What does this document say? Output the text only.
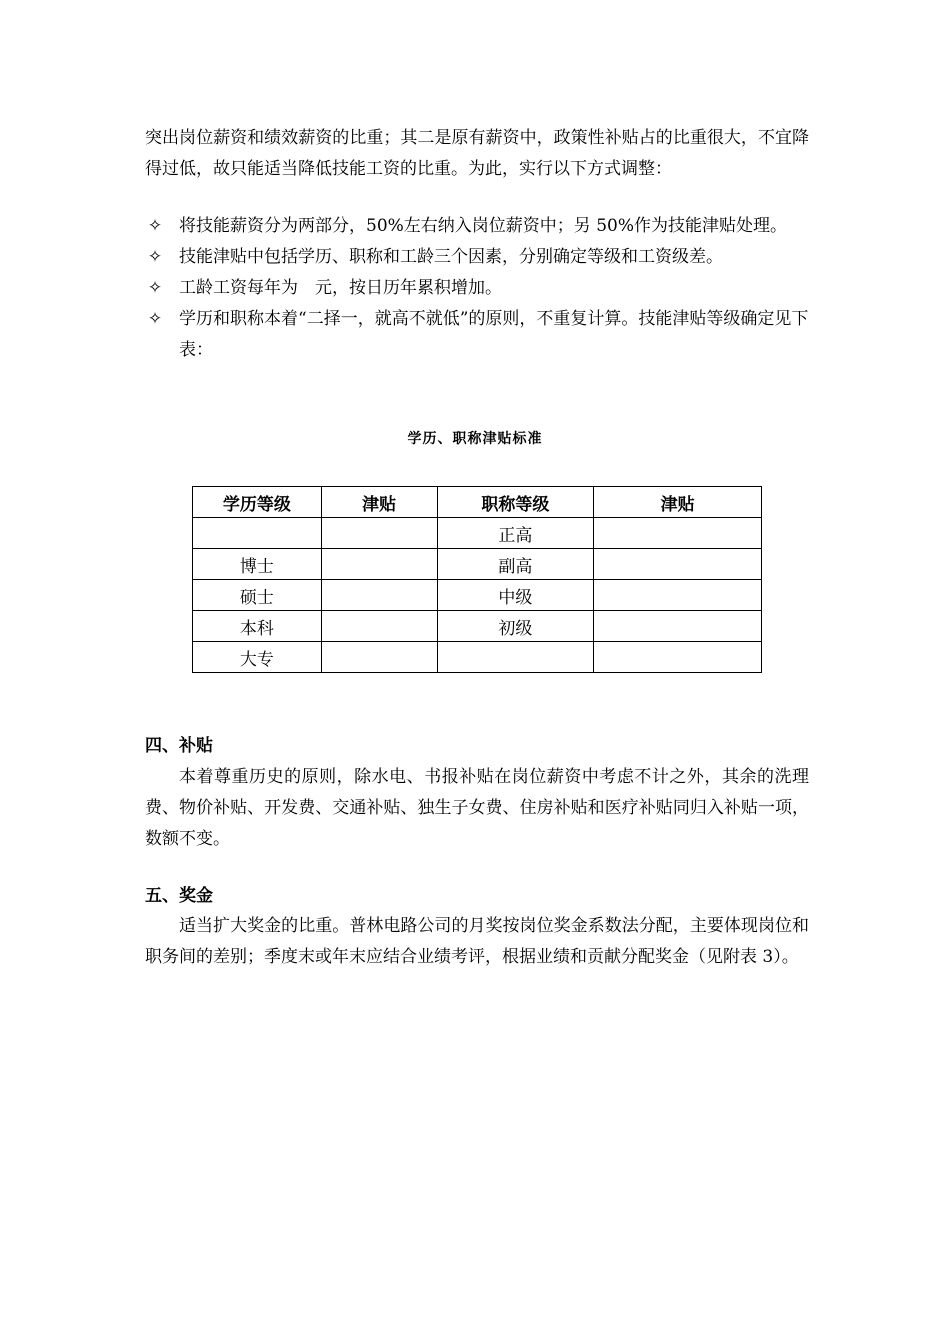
突出岗位薪资和绩效薪资的比重；其二是原有薪资中，政策性补贴占的比重很大，不宜降得过低，故只能适当降低技能工资的比重。为此，实行以下方式调整：

✧ 将技能薪资分为两部分，50%左右纳入岗位薪资中；另 50%作为技能津贴处理。
✧ 技能津贴中包括学历、职称和工龄三个因素，分别确定等级和工资级差。
✧ 工龄工资每年为　元，按日历年累积增加。
✧ 学历和职称本着“二择一，就高不就低”的原则，不重复计算。技能津贴等级确定见下表：
学历、职称津贴标准
学历等级	津贴	职称等级	津贴
		正高	
博士		副高	
硕士		中级	
本科		初级	
大专			
四、补贴

本着尊重历史的原则，除水电、书报补贴在岗位薪资中考虑不计之外，其余的洗理费、物价补贴、开发费、交通补贴、独生子女费、住房补贴和医疗补贴同归入补贴一项，数额不变。

五、奖金

适当扩大奖金的比重。普林电路公司的月奖按岗位奖金系数法分配，主要体现岗位和职务间的差别；季度末或年末应结合业绩考评，根据业绩和贡献分配奖金（见附表 3）。
